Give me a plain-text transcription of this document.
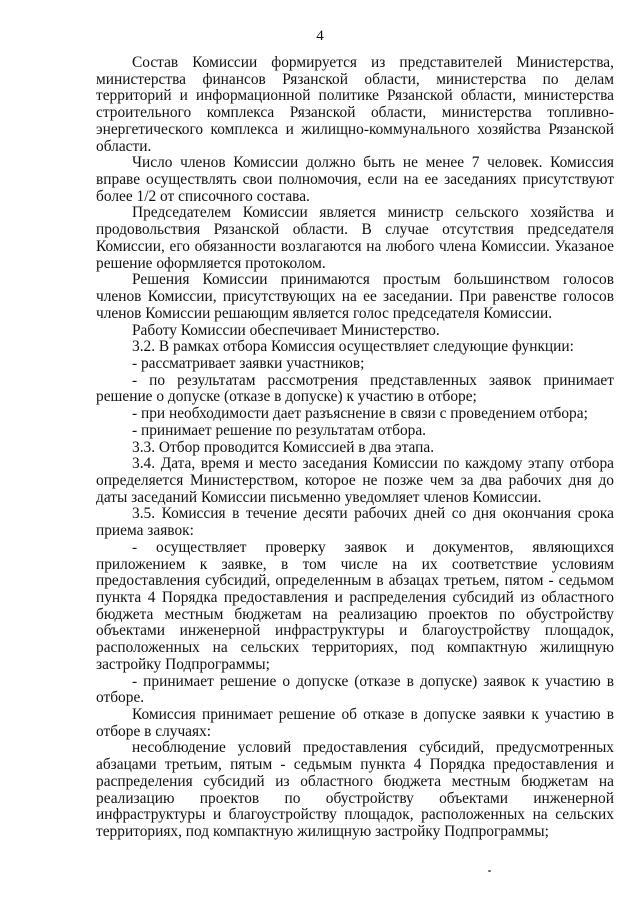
4

Состав Комиссии формируется из представителей Министерства, министерства финансов Рязанской области, министерства по делам территорий и информационной политике Рязанской области, министерства строительного комплекса Рязанской области, министерства топливно-энергетического комплекса и жилищно-коммунального хозяйства Рязанской области.

Число членов Комиссии должно быть не менее 7 человек. Комиссия вправе осуществлять свои полномочия, если на ее заседаниях присутствуют более 1/2 от списочного состава.

Председателем Комиссии является министр сельского хозяйства и продовольствия Рязанской области. В случае отсутствия председателя Комиссии, его обязанности возлагаются на любого члена Комиссии. Указаное решение оформляется протоколом.

Решения Комиссии принимаются простым большинством голосов членов Комиссии, присутствующих на ее заседании. При равенстве голосов членов Комиссии решающим является голос председателя Комиссии.

Работу Комиссии обеспечивает Министерство.

3.2. В рамках отбора Комиссия осуществляет следующие функции:

- рассматривает заявки участников;

- по результатам рассмотрения представленных заявок принимает решение о допуске (отказе в допуске) к участию в отборе;

- при необходимости дает разъяснение в связи с проведением отбора;

- принимает решение по результатам отбора.

3.3. Отбор проводится Комиссией в два этапа.

3.4. Дата, время и место заседания Комиссии по каждому этапу отбора определяется Министерством, которое не позже чем за два рабочих дня до даты заседаний Комиссии письменно уведомляет членов Комиссии.

3.5. Комиссия в течение десяти рабочих дней со дня окончания срока приема заявок:

- осуществляет проверку заявок и документов, являющихся приложением к заявке, в том числе на их соответствие условиям предоставления субсидий, определенным в абзацах третьем, пятом - седьмом пункта 4 Порядка предоставления и распределения субсидий из областного бюджета местным бюджетам на реализацию проектов по обустройству объектами инженерной инфраструктуры и благоустройству площадок, расположенных на сельских территориях, под компактную жилищную застройку Подпрограммы;

- принимает решение о допуске (отказе в допуске) заявок к участию в отборе.

Комиссия принимает решение об отказе в допуске заявки к участию в отборе в случаях:

несоблюдение условий предоставления субсидий, предусмотренных абзацами третьим, пятым - седьмым пункта 4 Порядка предоставления и распределения субсидий из областного бюджета местным бюджетам на реализацию проектов по обустройству объектами инженерной инфраструктуры и благоустройству площадок, расположенных на сельских территориях, под компактную жилищную застройку Подпрограммы;
